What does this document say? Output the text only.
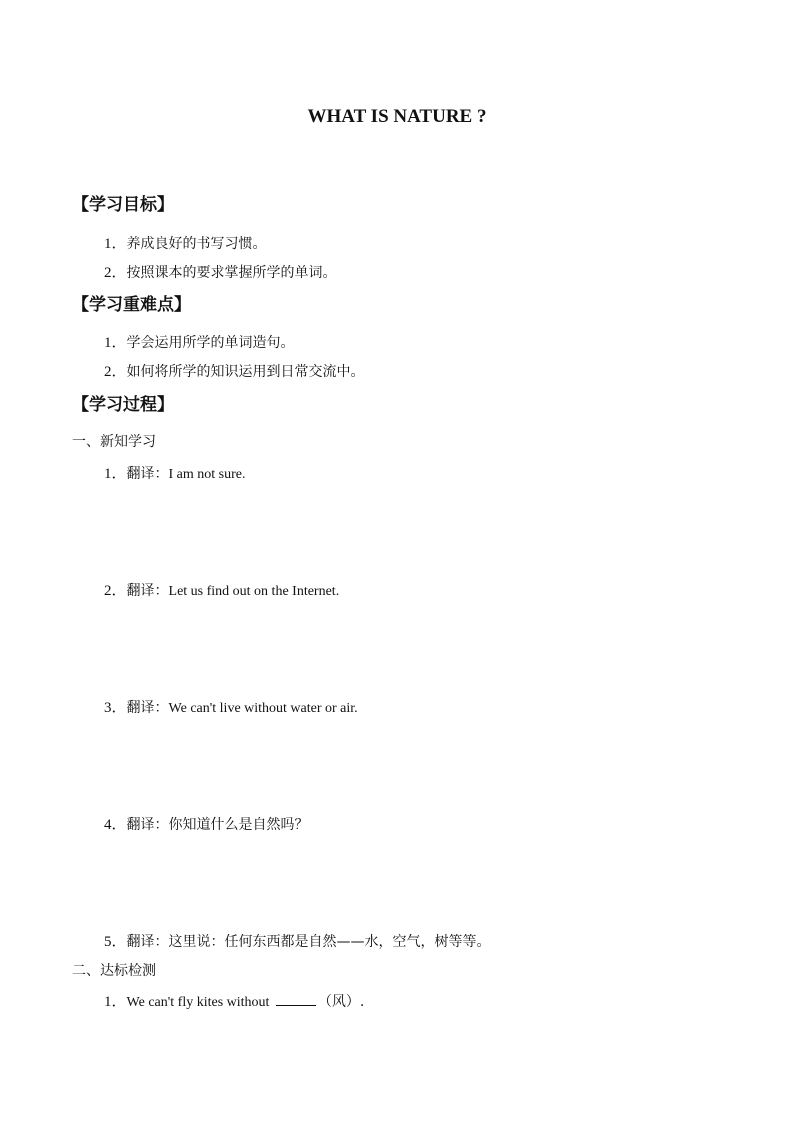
WHAT IS NATURE ?
【学习目标】
1．养成良好的书写习惯。
2．按照课本的要求掌握所学的单词。
【学习重难点】
1．学会运用所学的单词造句。
2．如何将所学的知识运用到日常交流中。
【学习过程】
一、新知学习
1．翻译：I am not sure.
2．翻译：Let us find out on the Internet.
3．翻译：We can't live without water or air.
4．翻译：你知道什么是自然吗？
5．翻译：这里说：任何东西都是自然——水，空气，树等等。
二、达标检测
1．We can't fly kites without	（风）.
